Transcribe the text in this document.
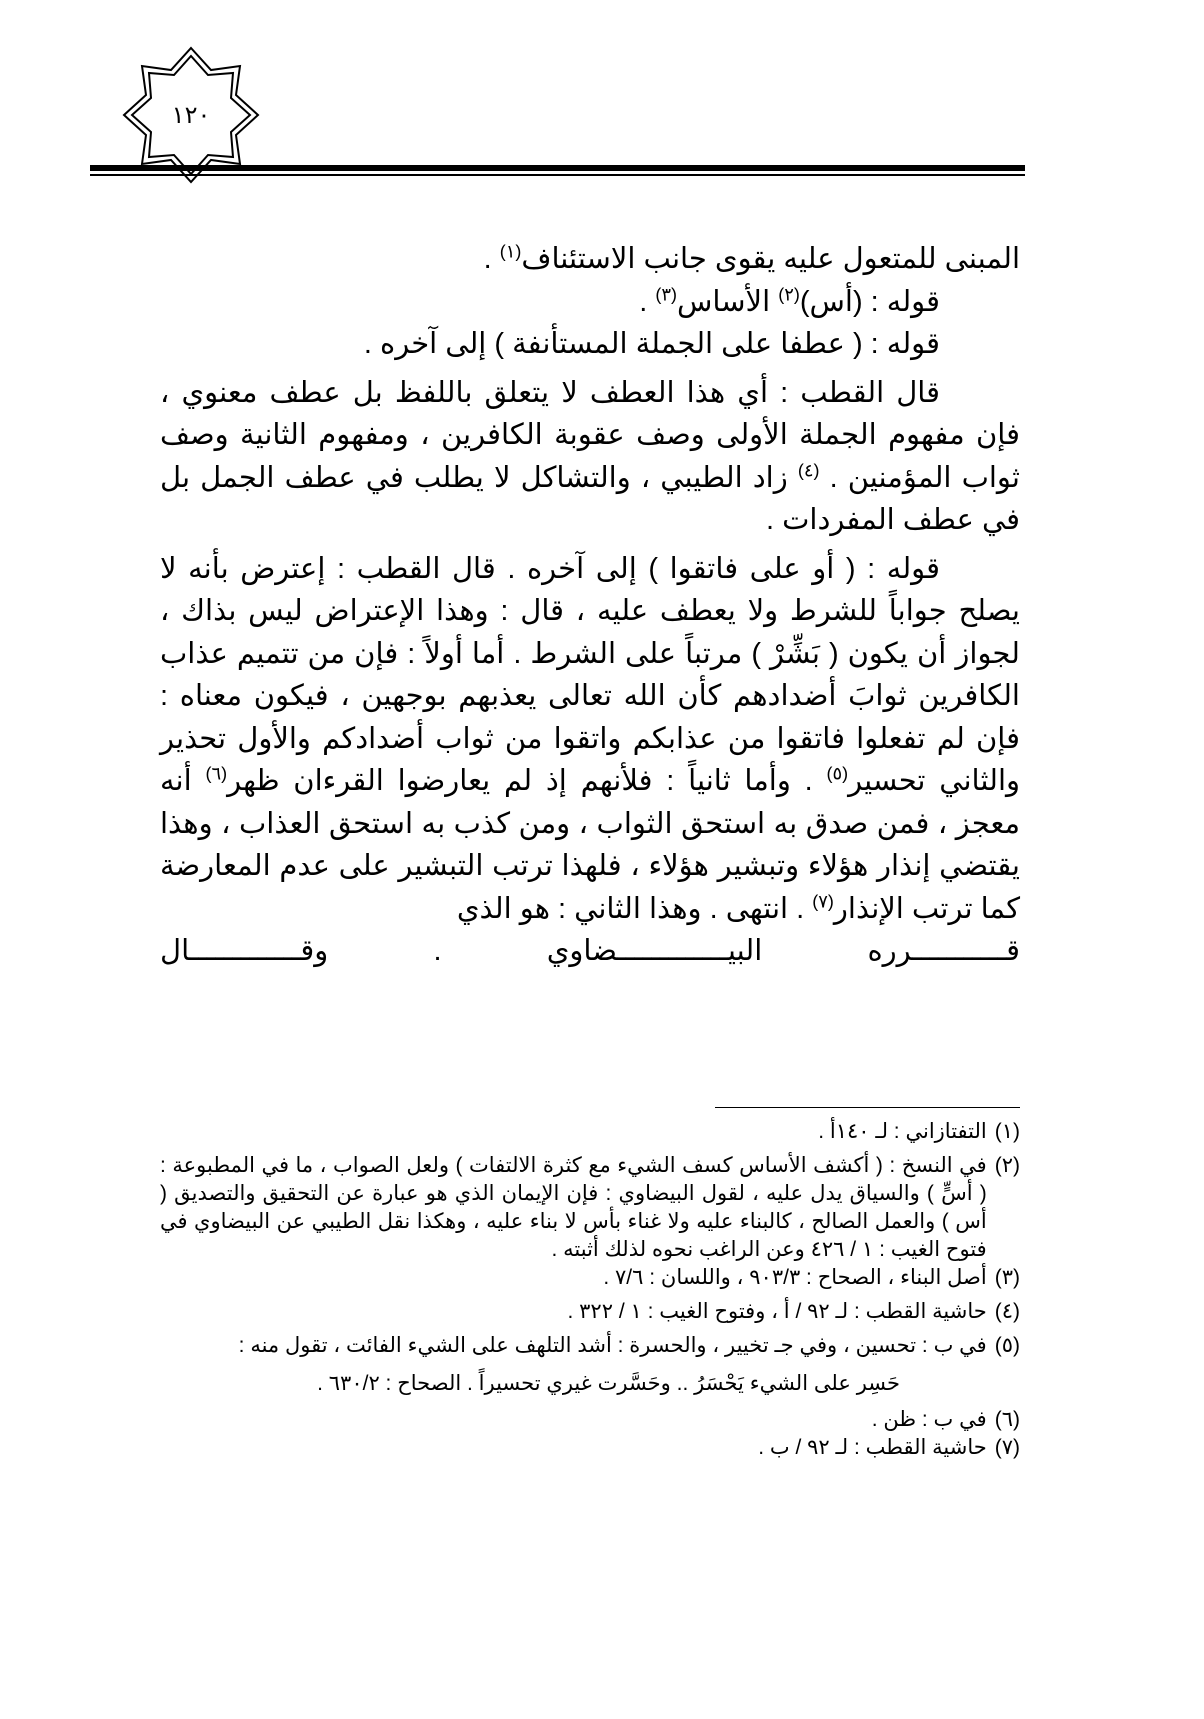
١٢٠

المبنى للمتعول عليه يقوى جانب الاستئناف$^{(١)}$ .

قوله : (أس)$^{(٢)}$ الأساس$^{(٣)}$ .

قوله : ( عطفا على الجملة المستأنفة ) إلى آخره .

قال القطب : أي هذا العطف لا يتعلق باللفظ بل عطف معنوي ، فإن مفهوم الجملة الأولى وصف عقوبة الكافرين ، ومفهوم الثانية وصف ثواب المؤمنين . $^{(٤)}$ زاد الطيبي ، والتشاكل لا يطلب في عطف الجمل بل في عطف المفردات .

قوله : ( أو على فاتقوا ) إلى آخره . قال القطب : إعترض بأنه لا يصلح جواباً للشرط ولا يعطف عليه ، قال : وهذا الإعتراض ليس بذاك ، لجواز أن يكون ( بَشِّرْ ) مرتباً على الشرط . أما أولاً : فإن من تتميم عذاب الكافرين ثوابَ أضدادهم كأن الله تعالى يعذبهم بوجهين ، فيكون معناه : فإن لم تفعلوا فاتقوا من عذابكم واتقوا من ثواب أضدادكم والأول تحذير والثاني تحسير$^{(٥)}$ . وأما ثانياً : فلأنهم إذ لم يعارضوا القرءان ظهر$^{(٦)}$ أنه معجز ، فمن صدق به استحق الثواب ، ومن كذب به استحق العذاب ، وهذا يقتضي إنذار هؤلاء وتبشير هؤلاء ، فلهذا ترتب التبشير على عدم المعارضة كما ترتب الإنذار$^{(٧)}$ . انتهى . وهذا الثاني : هو الذي

قـــــــــــرره البيـــــــــــــضاوي . وقـــــــــــــال

(١)
التفتازاني : لـ ١٤٠أ .
(٢)
في النسخ : ( أكشف الأساس كسف الشيء مع كثرة الالتفات ) ولعل الصواب ، ما في المطبوعة : ( أسٍّ ) والسياق يدل عليه ، لقول البيضاوي : فإن الإيمان الذي هو عبارة عن التحقيق والتصديق ( أس ) والعمل الصالح ، كالبناء عليه ولا غناء بأس لا بناء عليه ، وهكذا نقل الطيبي عن البيضاوي في فتوح الغيب : ١ / ٤٢٦ وعن الراغب نحوه لذلك أثبته .
(٣)
أصل البناء ، الصحاح : ٩٠٣/٣ ، واللسان : ٧/٦ .
(٤)
حاشية القطب : لـ ٩٢ / أ ، وفتوح الغيب : ١ / ٣٢٢ .
(٥)
في ب : تحسين ، وفي جـ تخيير ، والحسرة : أشد التلهف على الشيء الفائت ، تقول منه :
حَسِر على الشيء يَحْسَرُ .. وحَسَّرت غيري تحسيراً . الصحاح : ٦٣٠/٢ .
(٦)
في ب : ظن .
(٧)
حاشية القطب : لـ ٩٢ / ب .
